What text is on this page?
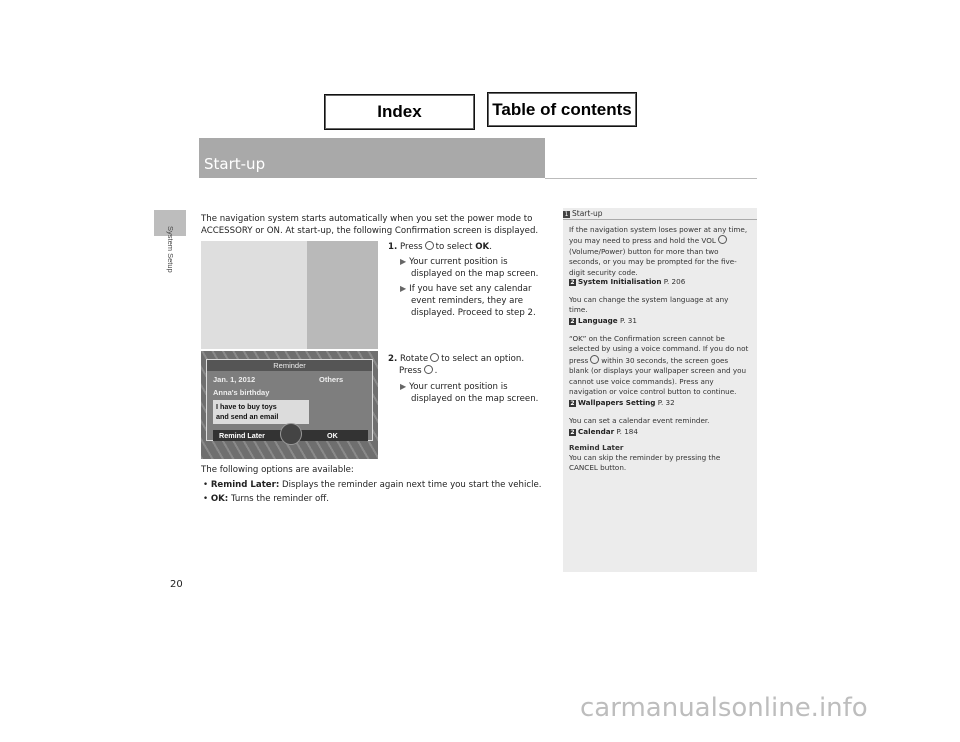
Index	Table of contents
System Setup
Start-up
The navigation system starts automatically when you set the power mode to
ACCESSORY or ON. At start-up, the following Confirmation screen is displayed.
Reminder
Jan. 1, 2012	Others
Anna's birthday
I have to buy toys
and send an email
Remind Later	OK
1. Press to select OK.
▶ Your current position is
displayed on the map screen.
▶ If you have set any calendar
event reminders, they are
displayed. Proceed to step 2.
2. Rotate to select an option.
Press .
▶ Your current position is
displayed on the map screen.
The following options are available:
• Remind Later: Displays the reminder again next time you start the vehicle.
• OK: Turns the reminder off.
1 Start-up
If the navigation system loses power at any time,
you may need to press and hold the VOL
(Volume/Power) button for more than two
seconds, or you may be prompted for the five-
digit security code.
2 System Initialisation P. 206
You can change the system language at any
time.
2 Language P. 31
“OK” on the Confirmation screen cannot be
selected by using a voice command. If you do not
press within 30 seconds, the screen goes
blank (or displays your wallpaper screen and you
cannot use voice commands). Press any
navigation or voice control button to continue.
2 Wallpapers Setting P. 32
You can set a calendar event reminder.
2 Calendar P. 184
Remind Later
You can skip the reminder by pressing the
CANCEL button.
20
carmanualsonline.info
